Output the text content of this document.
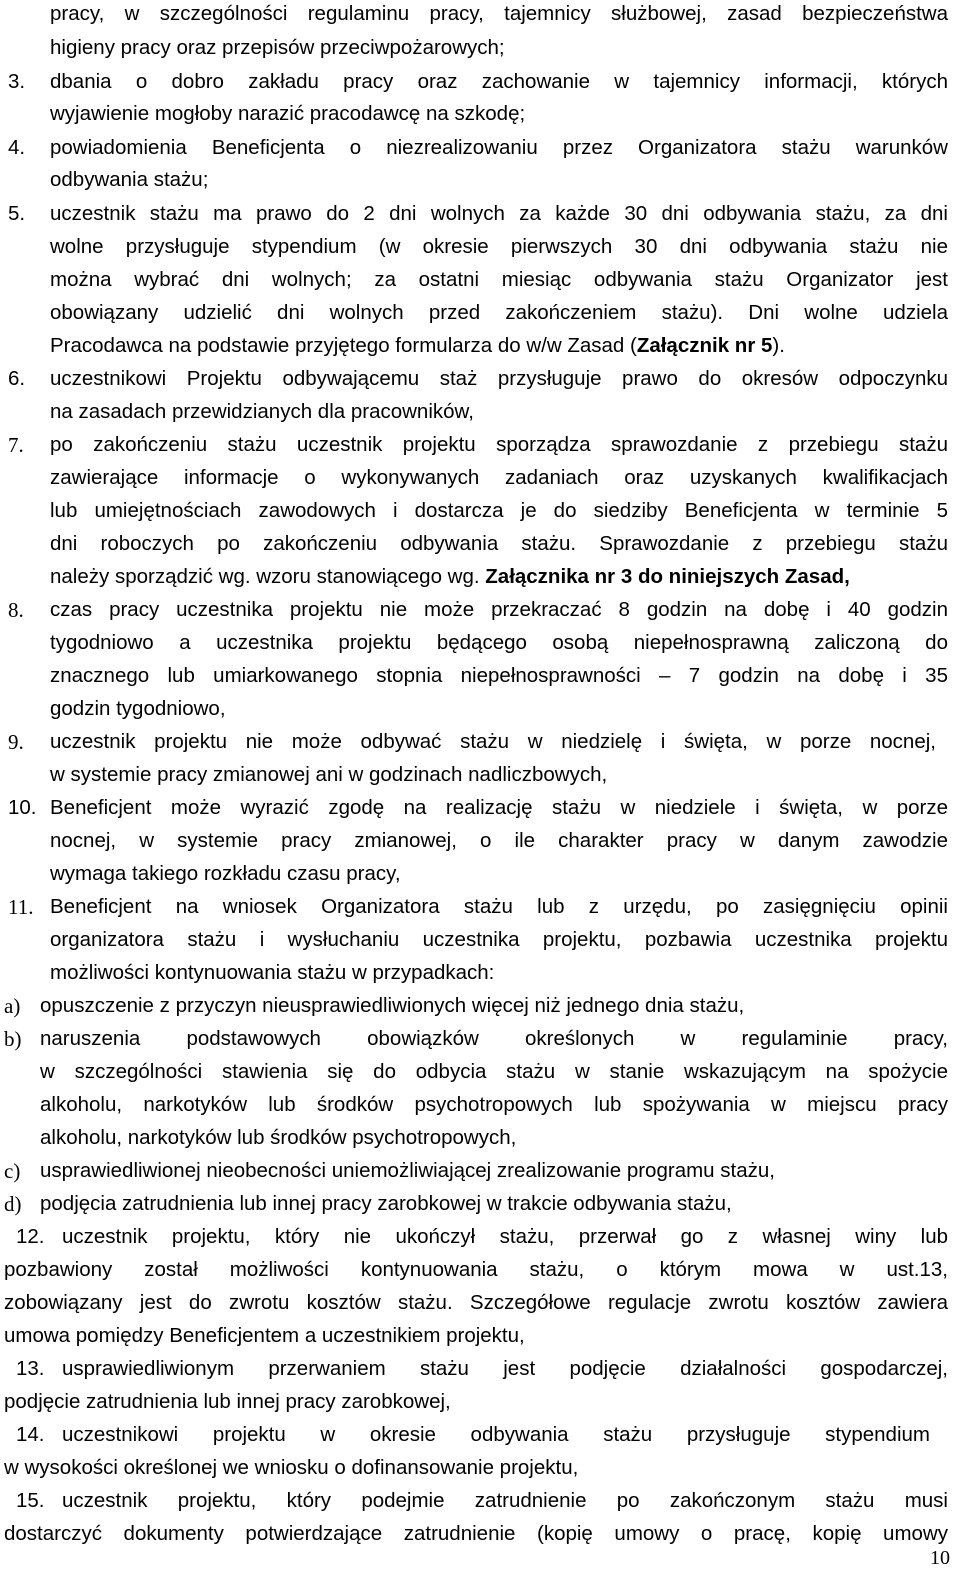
pracy, w szczególności regulaminu pracy, tajemnicy służbowej, zasad bezpieczeństwa

higieny pracy oraz przepisów przeciwpożarowych;

3. dbania o dobro zakładu pracy oraz zachowanie w tajemnicy informacji, których

wyjawienie mogłoby narazić pracodawcę na szkodę;

4. powiadomienia Beneficjenta o niezrealizowaniu przez Organizatora stażu warunków

odbywania stażu;

5. uczestnik stażu ma prawo do 2 dni wolnych za każde 30 dni odbywania stażu, za dni

wolne przysługuje stypendium (w okresie pierwszych 30 dni odbywania stażu nie

można wybrać dni wolnych; za ostatni miesiąc odbywania stażu Organizator jest

obowiązany udzielić dni wolnych przed zakończeniem stażu). Dni wolne udziela

Pracodawca na podstawie przyjętego formularza do w/w Zasad (Załącznik nr 5).

6. uczestnikowi Projektu odbywającemu staż przysługuje prawo do okresów odpoczynku

na zasadach przewidzianych dla pracowników,

7. po zakończeniu stażu uczestnik projektu sporządza sprawozdanie z przebiegu stażu

zawierające informacje o wykonywanych zadaniach oraz uzyskanych kwalifikacjach

lub umiejętnościach zawodowych i dostarcza je do siedziby Beneficjenta w terminie 5

dni roboczych po zakończeniu odbywania stażu. Sprawozdanie z przebiegu stażu

należy sporządzić wg. wzoru stanowiącego wg. Załącznika nr 3 do niniejszych Zasad,

8. czas pracy uczestnika projektu nie może przekraczać 8 godzin na dobę i 40 godzin

tygodniowo a uczestnika projektu będącego osobą niepełnosprawną zaliczoną do

znacznego lub umiarkowanego stopnia niepełnosprawności – 7 godzin na dobę i 35

godzin tygodniowo,

9. uczestnik projektu nie może odbywać stażu w niedzielę i święta, w porze nocnej,

w systemie pracy zmianowej ani w godzinach nadliczbowych,

10. Beneficjent może wyrazić zgodę na realizację stażu w niedziele i święta, w porze

nocnej, w systemie pracy zmianowej, o ile charakter pracy w danym zawodzie

wymaga takiego rozkładu czasu pracy,

11. Beneficjent na wniosek Organizatora stażu lub z urzędu, po zasięgnięciu opinii

organizatora stażu i wysłuchaniu uczestnika projektu, pozbawia uczestnika projektu

możliwości kontynuowania stażu w przypadkach:

a) opuszczenie z przyczyn nieusprawiedliwionych więcej niż jednego dnia stażu,

b) naruszenia podstawowych obowiązków określonych w regulaminie pracy,

w szczególności stawienia się do odbycia stażu w stanie wskazującym na spożycie

alkoholu, narkotyków lub środków psychotropowych lub spożywania w miejscu pracy

alkoholu, narkotyków lub środków psychotropowych,

c) usprawiedliwionej nieobecności uniemożliwiającej zrealizowanie programu stażu,

d) podjęcia zatrudnienia lub innej pracy zarobkowej w trakcie odbywania stażu,

12. uczestnik projektu, który nie ukończył stażu, przerwał go z własnej winy lub

pozbawiony został możliwości kontynuowania stażu, o którym mowa w ust.13,

zobowiązany jest do zwrotu kosztów stażu. Szczegółowe regulacje zwrotu kosztów zawiera

umowa pomiędzy Beneficjentem a uczestnikiem projektu,

13. usprawiedliwionym przerwaniem stażu jest podjęcie działalności gospodarczej,

podjęcie zatrudnienia lub innej pracy zarobkowej,

14. uczestnikowi projektu w okresie odbywania stażu przysługuje stypendium

w wysokości określonej we wniosku o dofinansowanie projektu,

15. uczestnik projektu, który podejmie zatrudnienie po zakończonym stażu musi

dostarczyć dokumenty potwierdzające zatrudnienie (kopię umowy o pracę, kopię umowy

10
